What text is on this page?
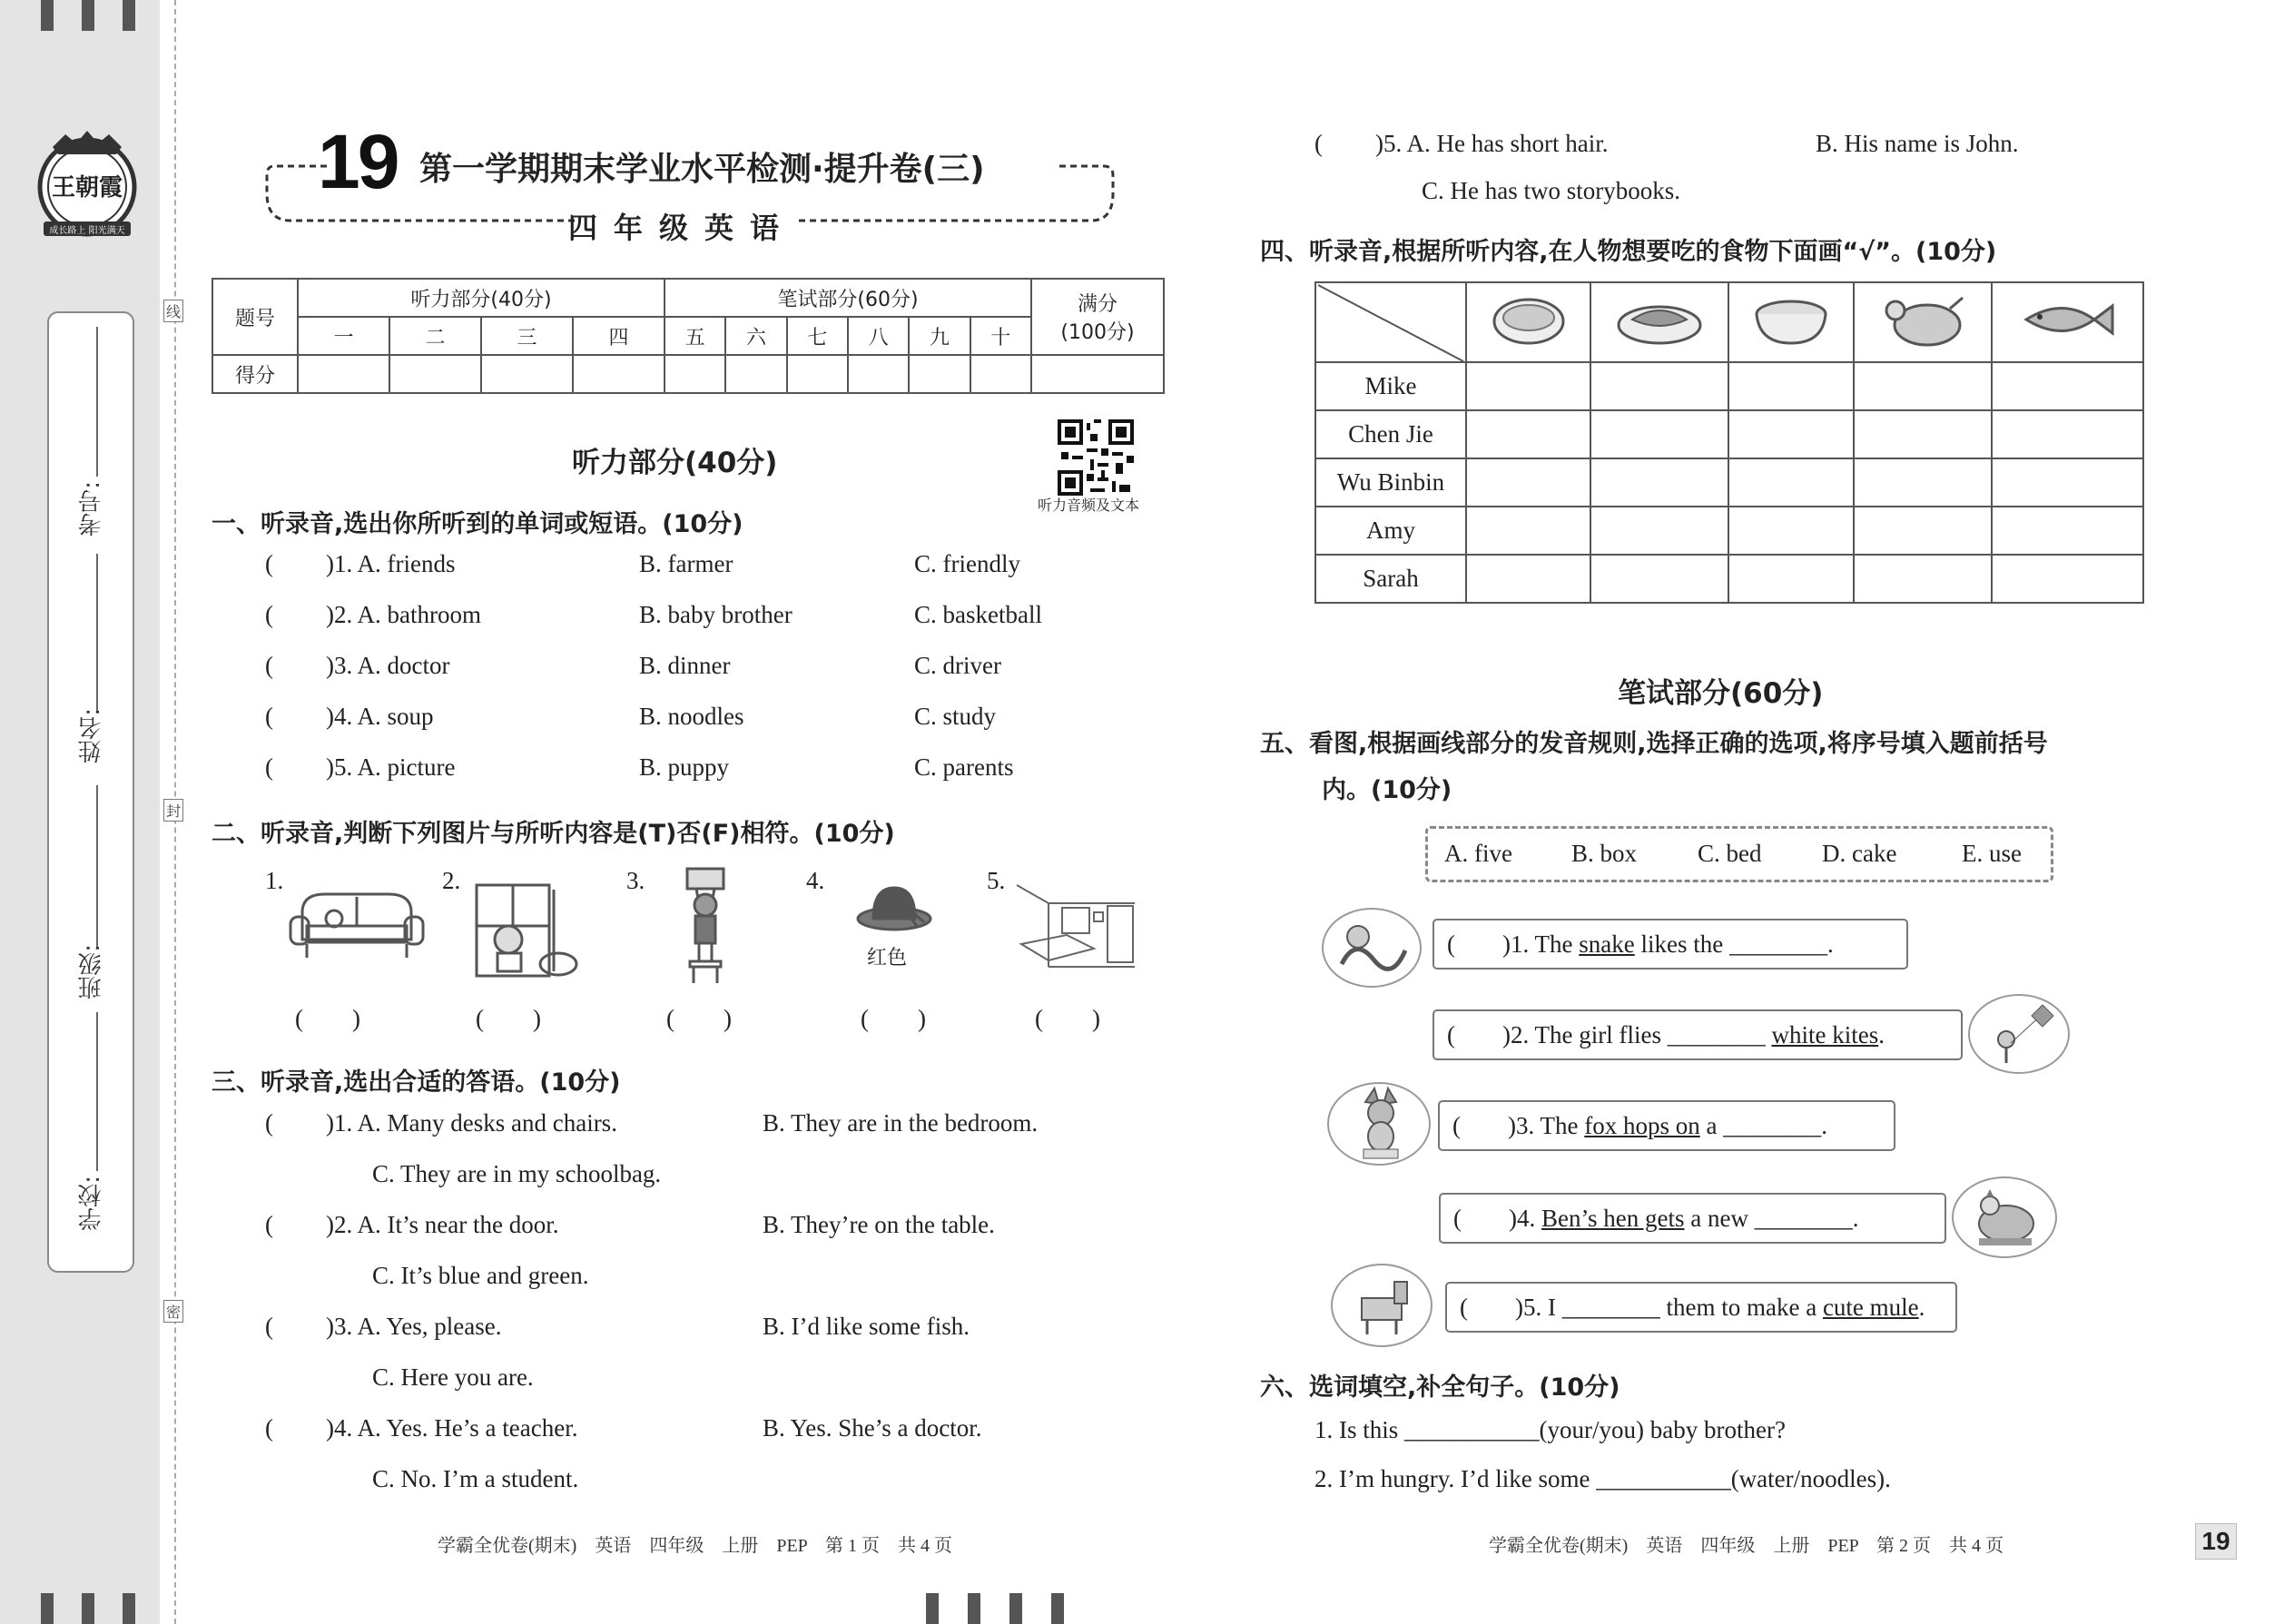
王朝霞
成长路上 阳光满天
考号:
姓名:
班级:
学校:
线
封
密
19 第一学期期末学业水平检测·提升卷(三)
四年级英语
题号	听力部分(40分)				笔试部分(60分)						满分
(100分)
	一	二	三	四	五	六	七	八	九	十	
得分											
听力部分(40分)
听力音频及文本
一、听录音,选出你所听到的单词或短语。(10分)
( )1. A. friends	B. farmer	C. friendly
( )2. A. bathroom	B. baby brother	C. basketball
( )3. A. doctor	B. dinner	C. driver
( )4. A. soup	B. noodles	C. study
( )5. A. picture	B. puppy	C. parents
二、听录音,判断下列图片与所听内容是(T)否(F)相符。(10分)
1.	2.	3.	4.	5.
红色
(　　)	(　　)	(　　)	(　　)	(　　)
三、听录音,选出合适的答语。(10分)
( )1. A. Many desks and chairs.	B. They are in the bedroom.
C. They are in my schoolbag.
( )2. A. It’s near the door.	B. They’re on the table.
C. It’s blue and green.
( )3. A. Yes, please.	B. I’d like some fish.
C. Here you are.
( )4. A. Yes. He’s a teacher.	B. Yes. She’s a doctor.
C. No. I’m a student.
学霸全优卷(期末)　英语　四年级　上册　PEP　第 1 页　共 4 页
( )5. A. He has short hair.	B. His name is John.
C. He has two storybooks.
四、听录音,根据所听内容,在人物想要吃的食物下面画“√”。(10分)

Mike					
Chen Jie					
Wu Binbin					
Amy					
Sarah					
笔试部分(60分)
五、看图,根据画线部分的发音规则,选择正确的选项,将序号填入题前括号
内。(10分)
A. five B. box C. bed D. cake	E. use
( )1. The snake likes the ________.
( )2. The girl flies ________ white kites.
( )3. The fox hops on a ________.
( )4. Ben’s hen gets a new ________.
( )5. I ________ them to make a cute mule.
六、选词填空,补全句子。(10分)
1. Is this ___________(your/you) baby brother?
2. I’m hungry. I’d like some ___________(water/noodles).
学霸全优卷(期末)　英语　四年级　上册　PEP　第 2 页　共 4 页	19
